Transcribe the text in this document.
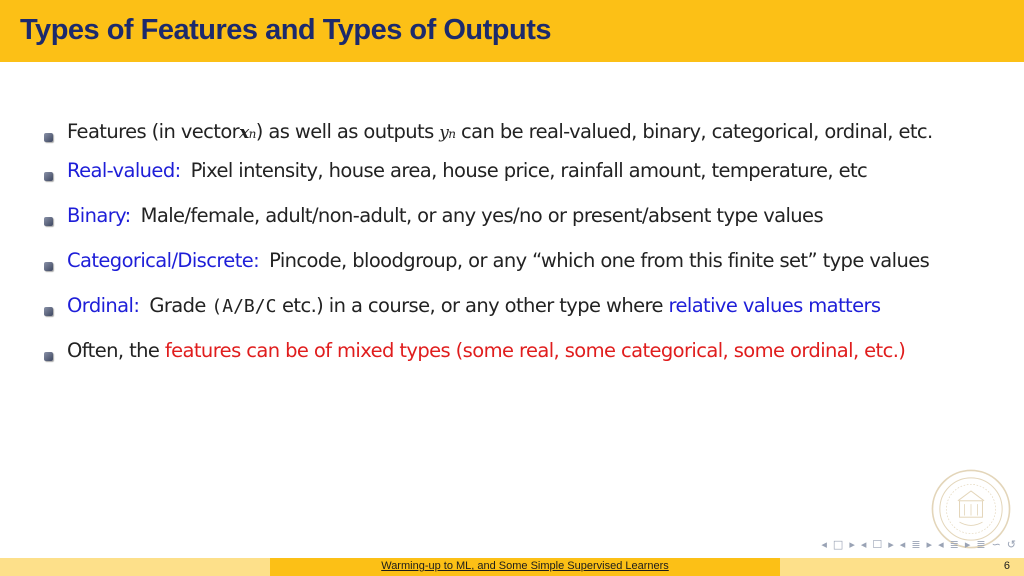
Types of Features and Types of Outputs
Features (in vector x n ) as well as outputs y n can be real-valued, binary, categorical, ordinal, etc.
Real-valued: Pixel intensity, house area, house price, rainfall amount, temperature, etc
Binary: Male/female, adult/non-adult, or any yes/no or present/absent type values
Categorical/Discrete: Pincode, bloodgroup, or any “which one from this finite set” type values
Ordinal: Grade (A/B/C etc.) in a course, or any other type where relative values matters
Often, the features can be of mixed types (some real, some categorical, some ordinal, etc.)
◂ □ ▸ ◂ ☐ ▸ ◂ ≣ ▸ ◂ ≣ ▸ ≣ ∽ ↺
Warming-up to ML, and Some Simple Supervised Learners	6
